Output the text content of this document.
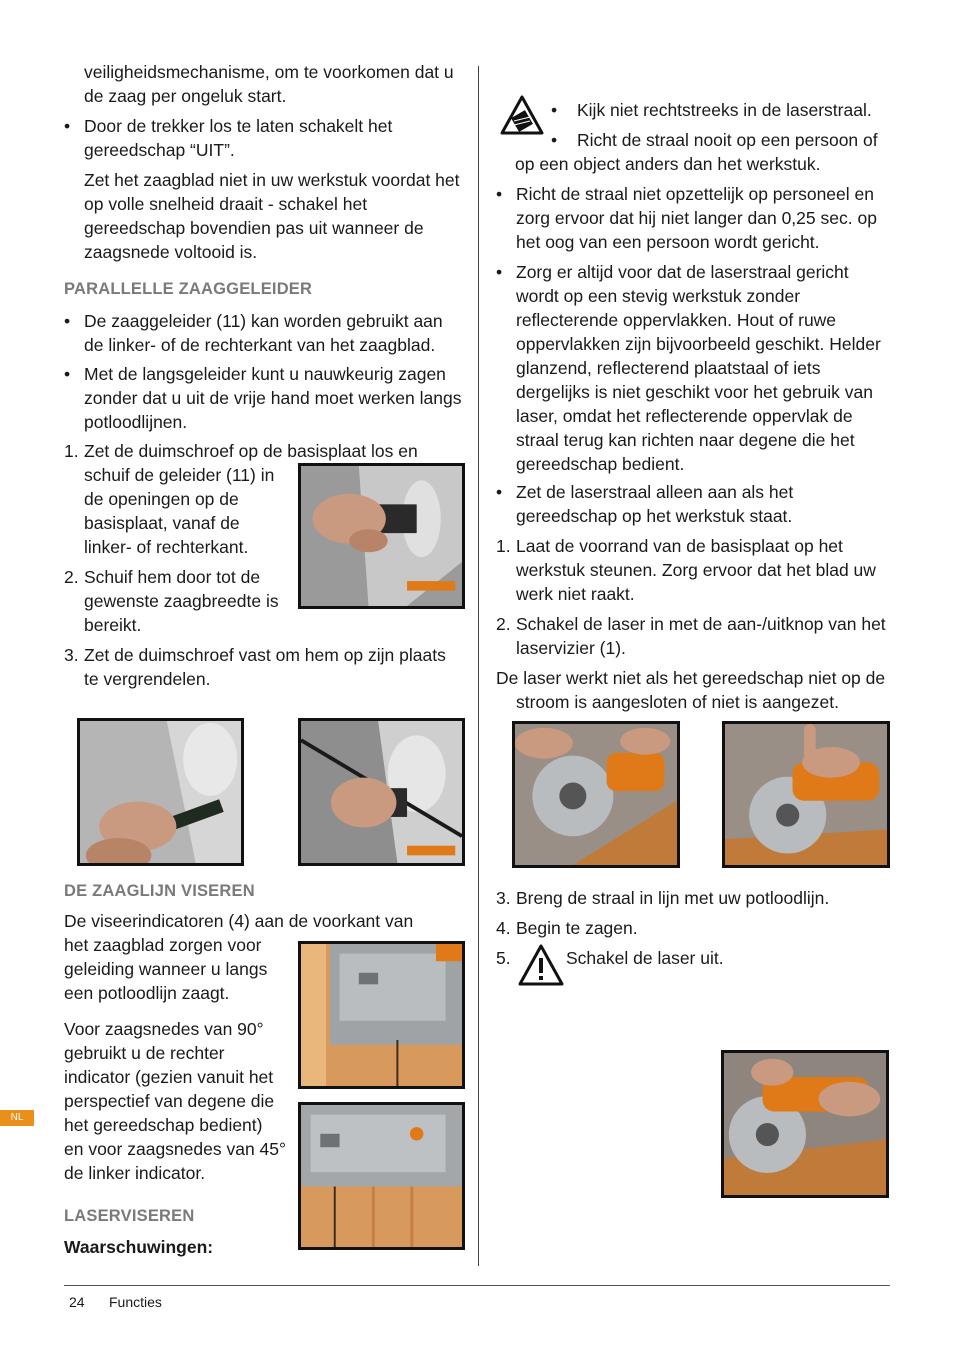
veiligheidsmechanisme, om te voorkomen dat u de zaag per ongeluk start.

• Door de trekker los te laten schakelt het gereedschap “UIT”.

Zet het zaagblad niet in uw werkstuk voordat het op volle snelheid draait - schakel het gereedschap bovendien pas uit wanneer de zaagsnede voltooid is.

PARALLELLE ZAAGGELEIDER

• De zaaggeleider (11) kan worden gebruikt aan de linker- of de rechterkant van het zaagblad.
• Met de langsgeleider kunt u nauwkeurig zagen zonder dat u uit de vrije hand moet werken langs potloodlijnen.
1. Zet de duimschroef op de basisplaat los en

schuif de geleider (11) in de openingen op de basisplaat, vanaf de linker- of rechterkant.

2. Schuif hem door tot de gewenste zaagbreedte is bereikt.
3. Zet de duimschroef vast om hem op zijn plaats te vergrendelen.

DE ZAAGLIJN VISEREN

De viseerindicatoren (4) aan de voorkant van

het zaagblad zorgen voor geleiding wanneer u langs een potloodlijn zaagt.

Voor zaagsnedes van 90° gebruikt u de rechter indicator (gezien vanuit het perspectief van degene die het gereedschap bedient) en voor zaagsnedes van 45° de linker indicator.

LASERVISEREN

Waarschuwingen:

• Kijk niet rechtstreeks in de laserstraal.
• Richt de straal nooit op een persoon of op een object anders dan het werkstuk.
• Richt de straal niet opzettelijk op personeel en zorg ervoor dat hij niet langer dan 0,25 sec. op het oog van een persoon wordt gericht.
• Zorg er altijd voor dat de laserstraal gericht wordt op een stevig werkstuk zonder reflecterende oppervlakken. Hout of ruwe oppervlakken zijn bijvoorbeeld geschikt. Helder glanzend, reflecterend plaatstaal of iets dergelijks is niet geschikt voor het gebruik van laser, omdat het reflecterende oppervlak de straal terug kan richten naar degene die het gereedschap bedient.
• Zet de laserstraal alleen aan als het gereedschap op het werkstuk staat.
1. Laat de voorrand van de basisplaat op het werkstuk steunen. Zorg ervoor dat het blad uw werk niet raakt.
2. Schakel de laser in met de aan-/uitknop van het laservizier (1).

De laser werkt niet als het gereedschap niet op de stroom is aangesloten of niet is aangezet.

3. Breng de straal in lijn met uw potloodlijn.
4. Begin te zagen.
5.	Schakel de laser uit.

NL

24 Functies
